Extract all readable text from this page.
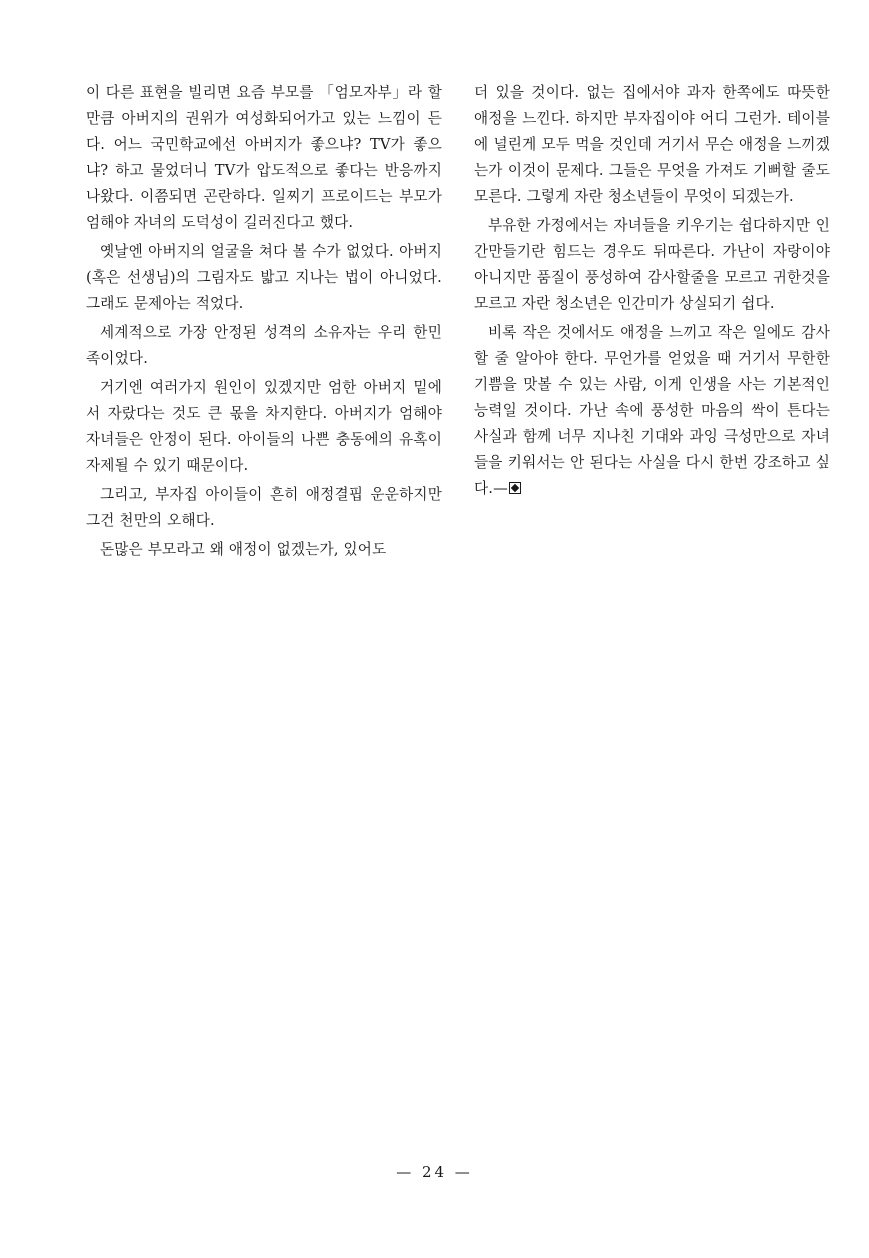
이 다른 표현을 빌리면 요즘 부모를 「엄모자부」라 할만큼 아버지의 권위가 여성화되어가고 있는 느낌이 든다. 어느 국민학교에선 아버지가 좋으냐? TV가 좋으냐? 하고 물었더니 TV가 압도적으로 좋다는 반응까지 나왔다. 이쯤되면 곤란하다. 일찌기 프로이드는 부모가 엄해야 자녀의 도덕성이 길러진다고 했다.

옛날엔 아버지의 얼굴을 쳐다 볼 수가 없었다. 아버지(혹은 선생님)의 그림자도 밟고 지나는 법이 아니었다. 그래도 문제아는 적었다.

세계적으로 가장 안정된 성격의 소유자는 우리 한민족이었다.

거기엔 여러가지 원인이 있겠지만 엄한 아버지 밑에서 자랐다는 것도 큰 몫을 차지한다. 아버지가 엄해야 자녀들은 안정이 된다. 아이들의 나쁜 충동에의 유혹이 자제될 수 있기 때문이다.

그리고, 부자집 아이들이 흔히 애정결핍 운운하지만 그건 천만의 오해다.

돈많은 부모라고 왜 애정이 없겠는가, 있어도

더 있을 것이다. 없는 집에서야 과자 한쪽에도 따뜻한 애정을 느낀다. 하지만 부자집이야 어디 그런가. 테이블에 널린게 모두 먹을 것인데 거기서 무슨 애정을 느끼겠는가 이것이 문제다. 그들은 무엇을 가져도 기뻐할 줄도 모른다. 그렇게 자란 청소년들이 무엇이 되겠는가.

부유한 가정에서는 자녀들을 키우기는 쉽다하지만 인간만들기란 힘드는 경우도 뒤따른다. 가난이 자랑이야 아니지만 품질이 풍성하여 감사할줄을 모르고 귀한것을 모르고 자란 청소년은 인간미가 상실되기 쉽다.

비록 작은 것에서도 애정을 느끼고 작은 일에도 감사할 줄 알아야 한다. 무언가를 얻었을 때 거기서 무한한 기쁨을 맛볼 수 있는 사람, 이게 인생을 사는 기본적인 능력일 것이다. 가난 속에 풍성한 마음의 싹이 튼다는 사실과 함께 너무 지나친 기대와 과잉 극성만으로 자녀들을 키워서는 안 된다는 사실을 다시 한번 강조하고 싶다.—

— 24 —
